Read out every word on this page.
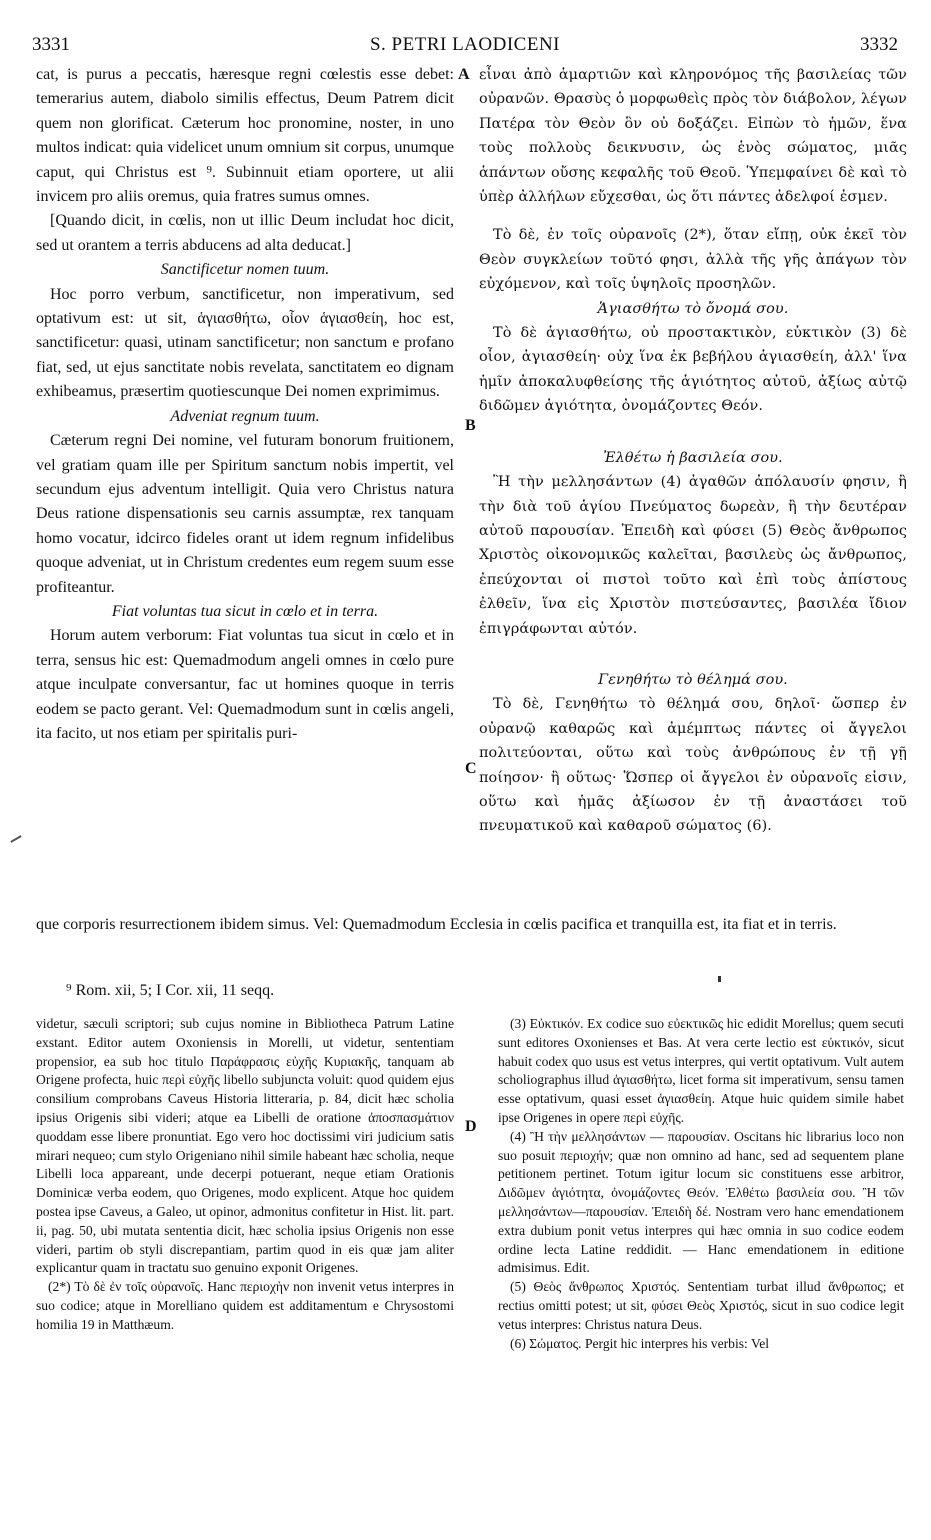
3331	S. PETRI LAODICENI	3332
A
B
C
D

cat, is purus a peccatis, hæresque regni cœlestis esse debet: temerarius autem, diabolo similis effectus, Deum Patrem dicit quem non glorificat. Cæterum hoc pronomine, noster, in uno multos indicat: quia videlicet unum omnium sit corpus, unumque caput, qui Christus est ⁹. Subinnuit etiam oportere, ut alii invicem pro aliis oremus, quia fratres sumus omnes.

[Quando dicit, in cœlis, non ut illic Deum includat hoc dicit, sed ut orantem a terris abducens ad alta deducat.]

Sanctificetur nomen tuum.

Hoc porro verbum, sanctificetur, non imperativum, sed optativum est: ut sit, ἁγιασθήτω, οἷον ἁγιασθείη, hoc est, sanctificetur: quasi, utinam sanctificetur; non sanctum e profano fiat, sed, ut ejus sanctitate nobis revelata, sanctitatem eo dignam exhibeamus, præsertim quotiescunque Dei nomen exprimimus.

Adveniat regnum tuum.

Cæterum regni Dei nomine, vel futuram bonorum fruitionem, vel gratiam quam ille per Spiritum sanctum nobis impertit, vel secundum ejus adventum intelligit. Quia vero Christus natura Deus ratione dispensationis seu carnis assumptæ, rex tanquam homo vocatur, idcirco fideles orant ut idem regnum infidelibus quoque adveniat, ut in Christum credentes eum regem suum esse profiteantur.

Fiat voluntas tua sicut in cœlo et in terra.

Horum autem verborum: Fiat voluntas tua sicut in cœlo et in terra, sensus hic est: Quemadmodum angeli omnes in cœlo pure atque inculpate conversantur, fac ut homines quoque in terris eodem se pacto gerant. Vel: Quemadmodum sunt in cœlis angeli, ita facito, ut nos etiam per spiritalis puri-

εἶναι ἀπὸ ἁμαρτιῶν καὶ κληρονόμος τῆς βασιλείας τῶν οὐρανῶν. Θρασὺς ὁ μορφωθεὶς πρὸς τὸν διάβολον, λέγων Πατέρα τὸν Θεὸν ὃν οὐ δοξάζει. Εἰπὼν τὸ ἡμῶν, ἕνα τοὺς πολλοὺς δεικνυσιν, ὡς ἑνὸς σώματος, μιᾶς ἁπάντων οὔσης κεφαλῆς τοῦ Θεοῦ. Ὑπεμφαίνει δὲ καὶ τὸ ὑπὲρ ἀλλήλων εὔχεσθαι, ὡς ὅτι πάντες ἀδελφοί ἐσμεν.

Τὸ δὲ, ἐν τοῖς οὐρανοῖς (2*), ὅταν εἴπῃ, οὐκ ἐκεῖ τὸν Θεὸν συγκλείων τοῦτό φησι, ἀλλὰ τῆς γῆς ἀπάγων τὸν εὐχόμενον, καὶ τοῖς ὑψηλοῖς προσηλῶν.

Ἁγιασθήτω τὸ ὄνομά σου.

Τὸ δὲ ἁγιασθήτω, οὐ προστακτικὸν, εὐκτικὸν (3) δὲ οἷον, ἁγιασθείη· οὐχ ἵνα ἐκ βεβήλου ἁγιασθείη, ἀλλ' ἵνα ἡμῖν ἀποκαλυφθείσης τῆς ἁγιότητος αὐτοῦ, ἀξίως αὐτῷ διδῶμεν ἁγιότητα, ὀνομάζοντες Θεόν.

Ἐλθέτω ἡ βασιλεία σου.

Ἢ τὴν μελλησάντων (4) ἀγαθῶν ἀπόλαυσίν φησιν, ἢ τὴν διὰ τοῦ ἁγίου Πνεύματος δωρεὰν, ἢ τὴν δευτέραν αὐτοῦ παρουσίαν. Ἐπειδὴ καὶ φύσει (5) Θεὸς ἄνθρωπος Χριστὸς οἰκονομικῶς καλεῖται, βασιλεὺς ὡς ἄνθρωπος, ἐπεύχονται οἱ πιστοὶ τοῦτο καὶ ἐπὶ τοὺς ἀπίστους ἐλθεῖν, ἵνα εἰς Χριστὸν πιστεύσαντες, βασιλέα ἴδιον ἐπιγράφωνται αὐτόν.

Γενηθήτω τὸ θέλημά σου.

Τὸ δὲ, Γενηθήτω τὸ θέλημά σου, δηλοῖ· ὥσπερ ἐν οὐρανῷ καθαρῶς καὶ ἀμέμπτως πάντες οἱ ἄγγελοι πολιτεύονται, οὕτω καὶ τοὺς ἀνθρώπους ἐν τῇ γῇ ποίησον· ἢ οὕτως· Ὥσπερ οἱ ἄγγελοι ἐν οὐρανοῖς εἰσιν, οὕτω καὶ ἡμᾶς ἀξίωσον ἐν τῇ ἀναστάσει τοῦ πνευματικοῦ καὶ καθαροῦ σώματος (6).

que corporis resurrectionem ibidem simus. Vel: Quemadmodum Ecclesia in cœlis pacifica et tranquilla est, ita fiat et in terris.

⁹ Rom. xii, 5; I Cor. xii, 11 seqq.

videtur, sæculi scriptori; sub cujus nomine in Bibliotheca Patrum Latine exstant. Editor autem Oxoniensis in Morelli, ut videtur, sententiam propensior, ea sub hoc titulo Παράφρασις εὐχῆς Κυριακῆς, tanquam ab Origene profecta, huic περὶ εὐχῆς libello subjuncta voluit: quod quidem ejus consilium comprobans Caveus Historia litteraria, p. 84, dicit hæc scholia ipsius Origenis sibi videri; atque ea Libelli de oratione ἀποσπασμάτιον quoddam esse libere pronuntiat. Ego vero hoc doctissimi viri judicium satis mirari nequeo; cum stylo Origeniano nihil simile habeant hæc scholia, neque Libelli loca appareant, unde decerpi potuerant, neque etiam Orationis Dominicæ verba eodem, quo Origenes, modo explicent. Atque hoc quidem postea ipse Caveus, a Galeo, ut opinor, admonitus confitetur in Hist. lit. part. ii, pag. 50, ubi mutata sententia dicit, hæc scholia ipsius Origenis non esse videri, partim ob styli discrepantiam, partim quod in eis quæ jam aliter explicantur quam in tractatu suo genuino exponit Origenes.

(2*) Τὸ δὲ ἐν τοῖς οὐρανοῖς. Hanc περιοχὴν non invenit vetus interpres in suo codice; atque in Morelliano quidem est additamentum e Chrysostomi homilia 19 in Matthæum.

(3) Εὐκτικόν. Ex codice suo εὐεκτικῶς hic edidit Morellus; quem secuti sunt editores Oxonienses et Bas. At vera certe lectio est εὐκτικόν, sicut habuit codex quo usus est vetus interpres, qui vertit optativum. Vult autem scholiographus illud ἁγιασθήτω, licet forma sit imperativum, sensu tamen esse optativum, quasi esset ἁγιασθείη. Atque huic quidem simile habet ipse Origenes in opere περὶ εὐχῆς.

(4) Ἢ τὴν μελλησάντων — παρουσίαν. Oscitans hic librarius loco non suo posuit περιοχήν; quæ non omnino ad hanc, sed ad sequentem plane petitionem pertinet. Totum igitur locum sic constituens esse arbitror, Διδῶμεν ἁγιότητα, ὀνομάζοντες Θεόν. Ἐλθέτω βασιλεία σου. Ἢ τῶν μελλησάντων—παρουσίαν. Ἐπειδὴ δέ. Nostram vero hanc emendationem extra dubium ponit vetus interpres qui hæc omnia in suo codice eodem ordine lecta Latine reddidit. — Hanc emendationem in editione admisimus. Edit.

(5) Θεὸς ἄνθρωπος Χριστός. Sententiam turbat illud ἄνθρωπος; et rectius omitti potest; ut sit, φύσει Θεὸς Χριστός, sicut in suo codice legit vetus interpres: Christus natura Deus.

(6) Σώματος. Pergit hic interpres his verbis: Vel
